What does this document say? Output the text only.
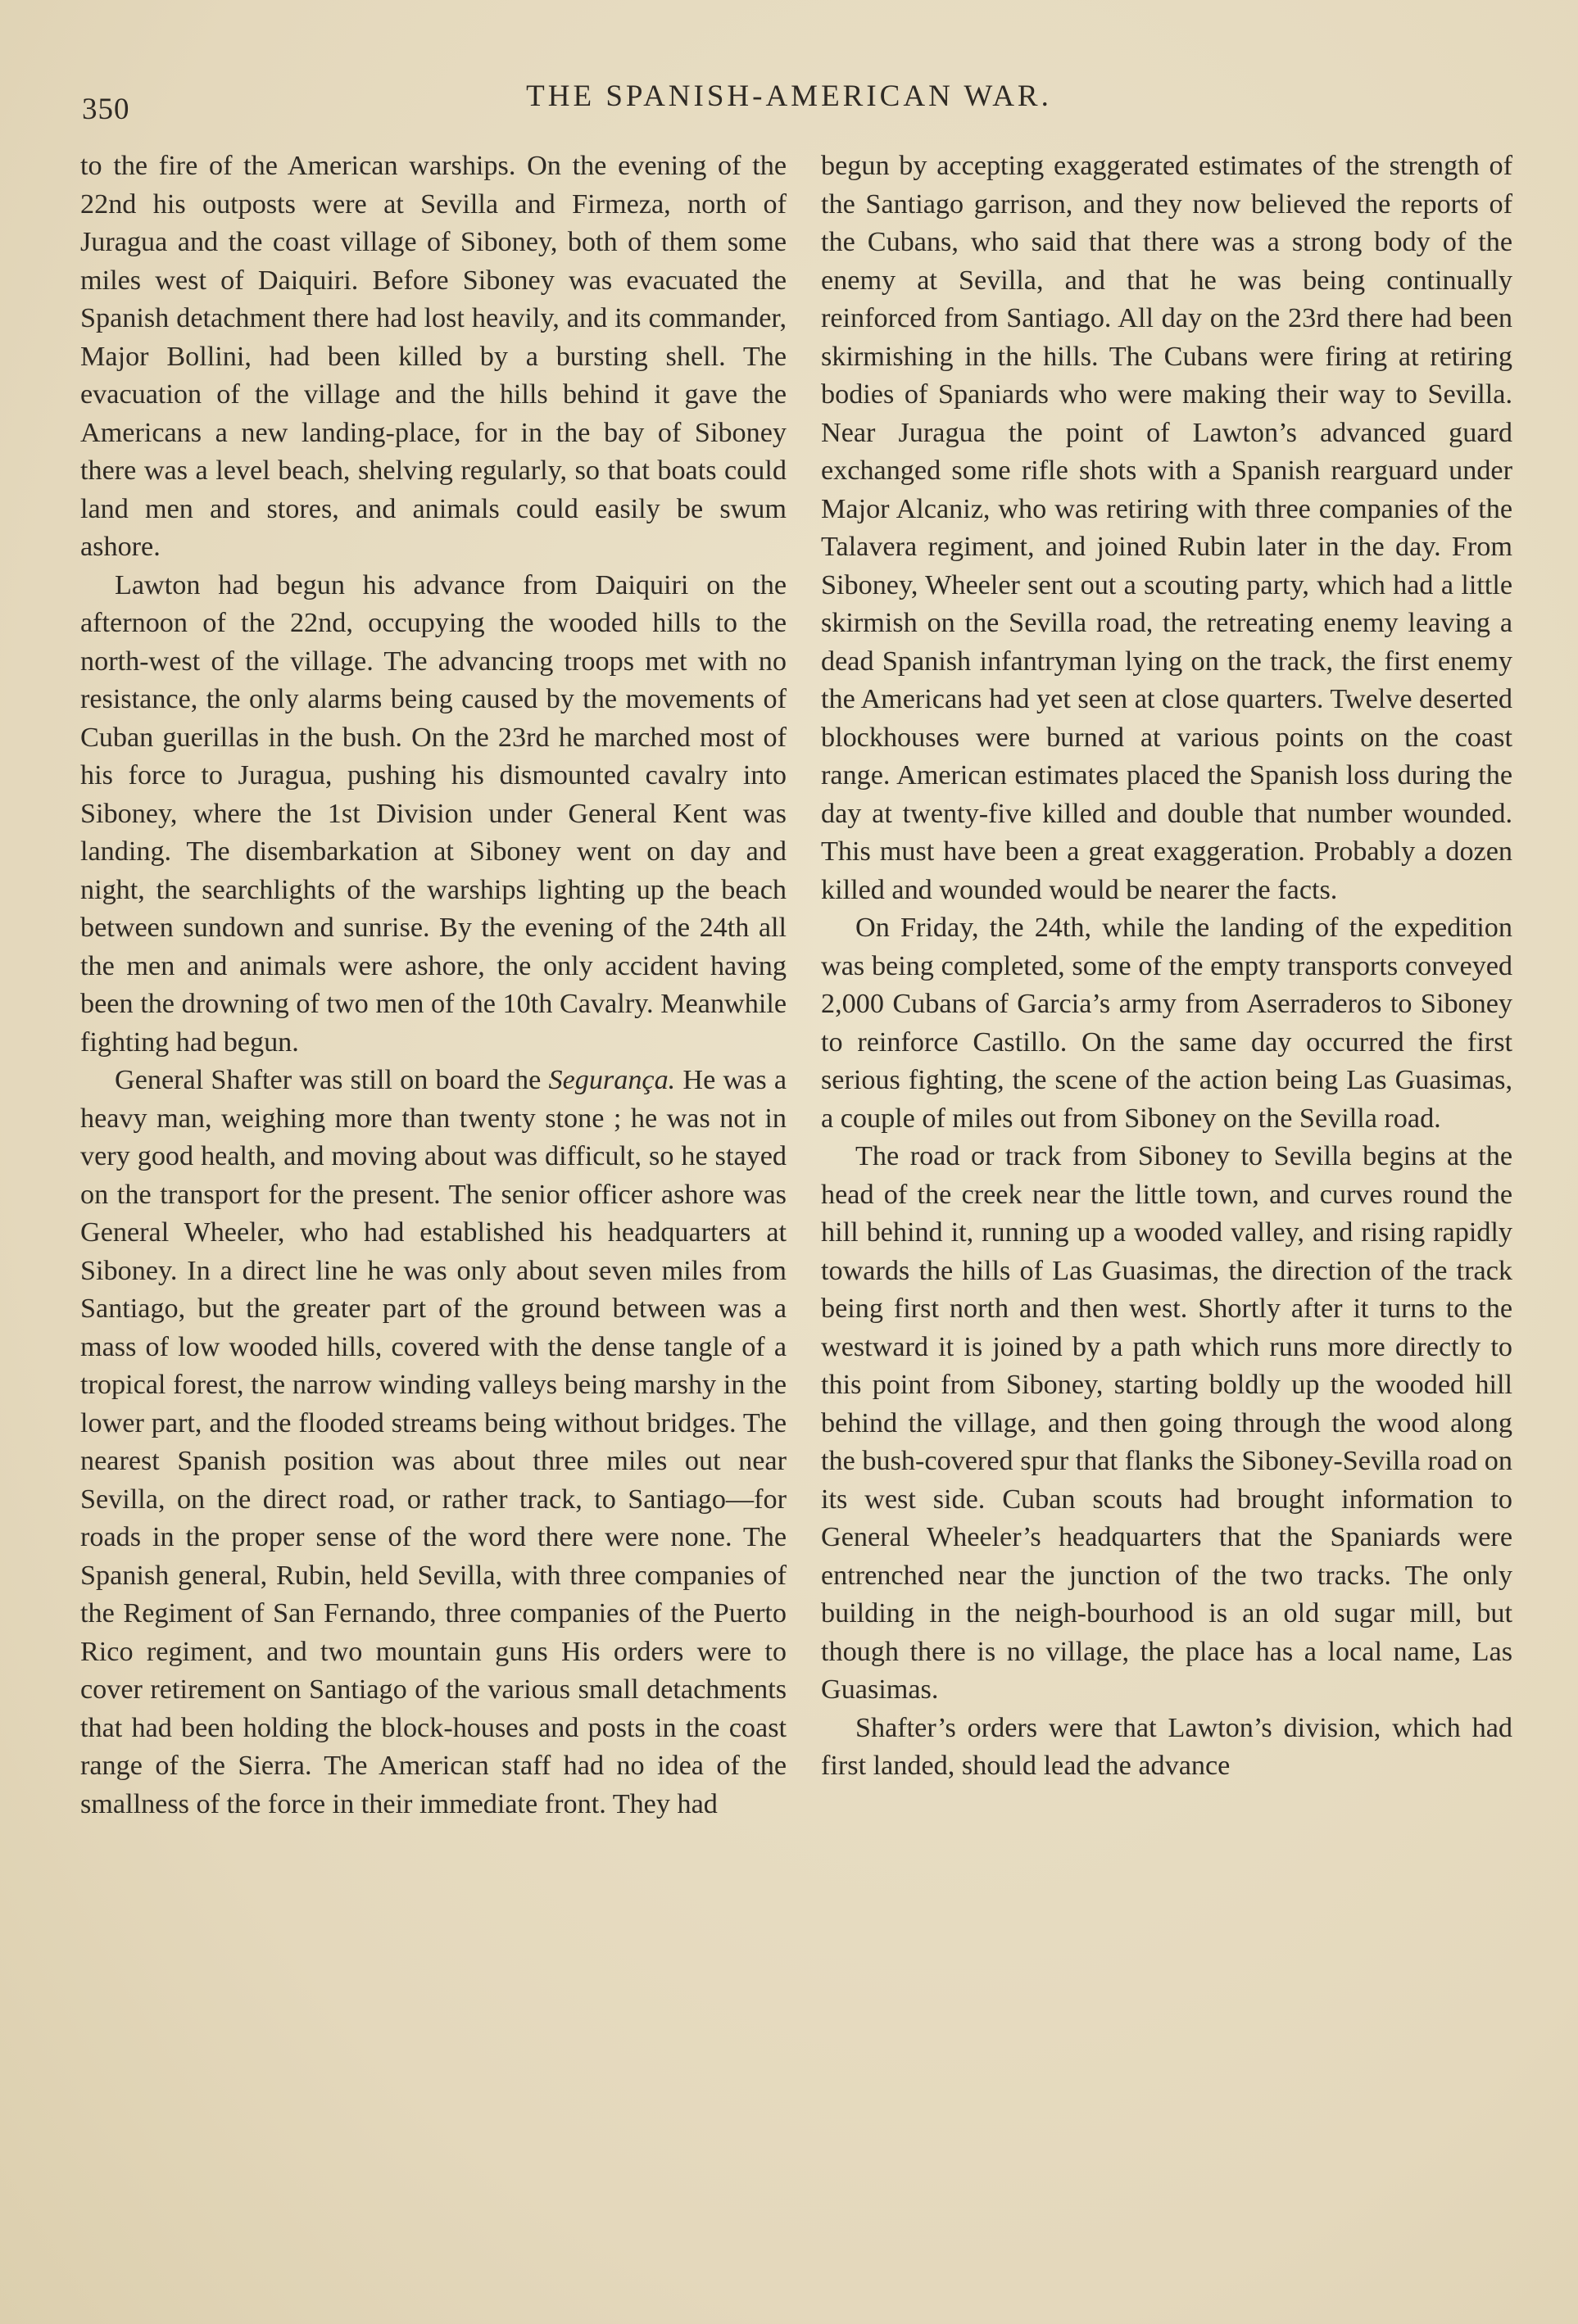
350	THE SPANISH-AMERICAN WAR.

to the fire of the American warships. On the evening of the 22nd his outposts were at Sevilla and Firmeza, north of Juragua and the coast village of Siboney, both of them some miles west of Daiquiri. Before Siboney was evacuated the Spanish detachment there had lost heavily, and its commander, Major Bollini, had been killed by a bursting shell. The evacuation of the village and the hills behind it gave the Americans a new landing-place, for in the bay of Siboney there was a level beach, shelving regularly, so that boats could land men and stores, and animals could easily be swum ashore.

Lawton had begun his advance from Daiquiri on the afternoon of the 22nd, occupying the wooded hills to the north-west of the village. The advancing troops met with no resistance, the only alarms being caused by the movements of Cuban guerillas in the bush. On the 23rd he marched most of his force to Juragua, pushing his dismounted cavalry into Siboney, where the 1st Division under General Kent was landing. The disembarkation at Siboney went on day and night, the searchlights of the warships lighting up the beach between sundown and sunrise. By the evening of the 24th all the men and animals were ashore, the only accident having been the drowning of two men of the 10th Cavalry. Meanwhile fighting had begun.

General Shafter was still on board the Segurança. He was a heavy man, weighing more than twenty stone ; he was not in very good health, and moving about was difficult, so he stayed on the transport for the present. The senior officer ashore was General Wheeler, who had established his headquarters at Siboney. In a direct line he was only about seven miles from Santiago, but the greater part of the ground between was a mass of low wooded hills, covered with the dense tangle of a tropical forest, the narrow winding valleys being marshy in the lower part, and the flooded streams being without bridges. The nearest Spanish position was about three miles out near Sevilla, on the direct road, or rather track, to Santiago—for roads in the proper sense of the word there were none. The Spanish general, Rubin, held Sevilla, with three companies of the Regiment of San Fernando, three companies of the Puerto Rico regiment, and two mountain guns His orders were to cover retirement on Santiago of the various small detachments that had been holding the block-houses and posts in the coast range of the Sierra. The American staff had no idea of the smallness of the force in their immediate front. They had

begun by accepting exaggerated estimates of the strength of the Santiago garrison, and they now believed the reports of the Cubans, who said that there was a strong body of the enemy at Sevilla, and that he was being continually reinforced from Santiago. All day on the 23rd there had been skirmishing in the hills. The Cubans were firing at retiring bodies of Spaniards who were making their way to Sevilla. Near Juragua the point of Lawton’s advanced guard exchanged some rifle shots with a Spanish rearguard under Major Alcaniz, who was retiring with three companies of the Talavera regiment, and joined Rubin later in the day. From Siboney, Wheeler sent out a scouting party, which had a little skirmish on the Sevilla road, the retreating enemy leaving a dead Spanish infantryman lying on the track, the first enemy the Americans had yet seen at close quarters. Twelve deserted blockhouses were burned at various points on the coast range. American estimates placed the Spanish loss during the day at twenty-five killed and double that number wounded. This must have been a great exaggeration. Probably a dozen killed and wounded would be nearer the facts.

On Friday, the 24th, while the landing of the expedition was being completed, some of the empty transports conveyed 2,000 Cubans of Garcia’s army from Aserraderos to Siboney to reinforce Castillo. On the same day occurred the first serious fighting, the scene of the action being Las Guasimas, a couple of miles out from Siboney on the Sevilla road.

The road or track from Siboney to Sevilla begins at the head of the creek near the little town, and curves round the hill behind it, running up a wooded valley, and rising rapidly towards the hills of Las Guasimas, the direction of the track being first north and then west. Shortly after it turns to the westward it is joined by a path which runs more directly to this point from Siboney, starting boldly up the wooded hill behind the village, and then going through the wood along the bush-covered spur that flanks the Siboney-Sevilla road on its west side. Cuban scouts had brought information to General Wheeler’s headquarters that the Spaniards were entrenched near the junction of the two tracks. The only building in the neigh-bourhood is an old sugar mill, but though there is no village, the place has a local name, Las Guasimas.

Shafter’s orders were that Lawton’s division, which had first landed, should lead the advance
